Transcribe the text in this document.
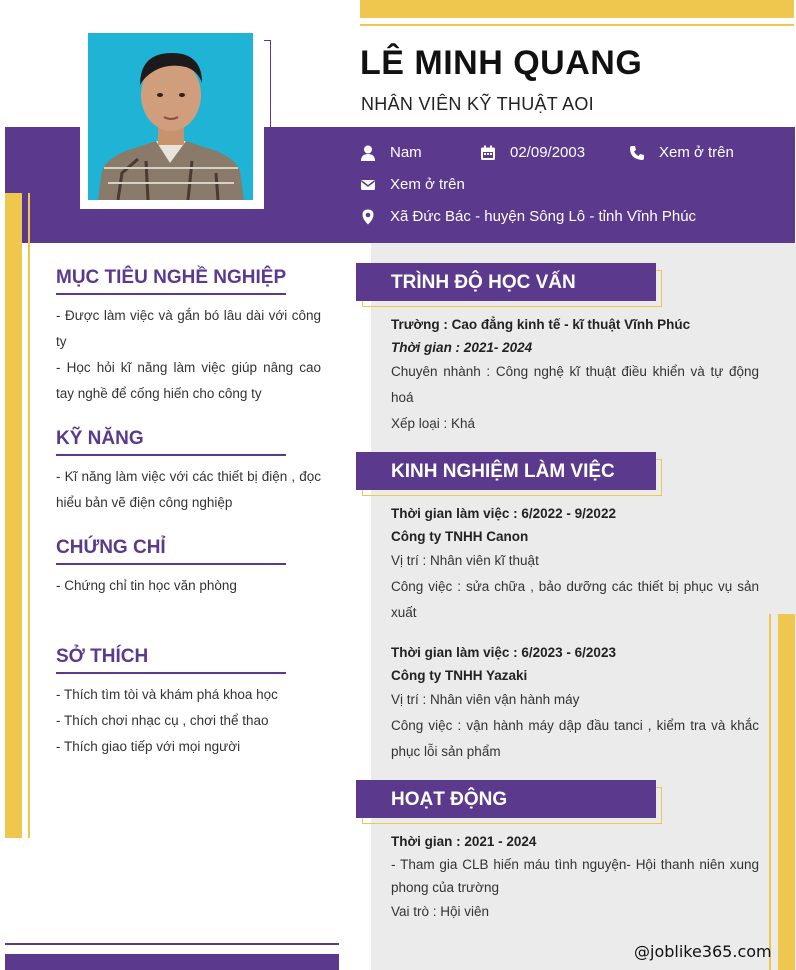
LÊ MINH QUANG
NHÂN VIÊN KỸ THUẬT AOI
Nam	02/09/2003	Xem ở trên
Xem ở trên
Xã Đức Bác - huyện Sông Lô - tỉnh Vĩnh Phúc
MỤC TIÊU NGHỀ NGHIỆP

- Được làm việc và gắn bó lâu dài với công ty

- Học hỏi kĩ năng làm việc giúp nâng cao tay nghề để cống hiến cho công ty

KỸ NĂNG

- Kĩ năng làm việc với các thiết bị điện , đọc hiểu bản vẽ điện công nghiệp

CHỨNG CHỈ

- Chứng chỉ tin học văn phòng

SỞ THÍCH

- Thích tìm tòi và khám phá khoa học

- Thích chơi nhạc cụ , chơi thể thao

- Thích giao tiếp với mọi người

TRÌNH ĐỘ HỌC VẤN
Trường : Cao đẳng kinh tế - kĩ thuật Vĩnh Phúc
Thời gian : 2021- 2024
Chuyên nhành : Công nghệ kĩ thuật điều khiển và tự động hoá
Xếp loại : Khá
KINH NGHIỆM LÀM VIỆC
Thời gian làm việc : 6/2022 - 9/2022
Công ty TNHH Canon
Vị trí : Nhân viên kĩ thuật
Công việc : sửa chữa , bảo dưỡng các thiết bị phục vụ sản xuất
Thời gian làm việc : 6/2023 - 6/2023
Công ty TNHH Yazaki
Vị trí : Nhân viên vận hành máy
Công việc : vận hành máy dập đầu tanci , kiểm tra và khắc phục lỗi sản phẩm
HOẠT ĐỘNG
Thời gian : 2021 - 2024
- Tham gia CLB hiến máu tình nguyện- Hội thanh niên xung phong của trường
Vai trò : Hội viên
@joblike365.com
